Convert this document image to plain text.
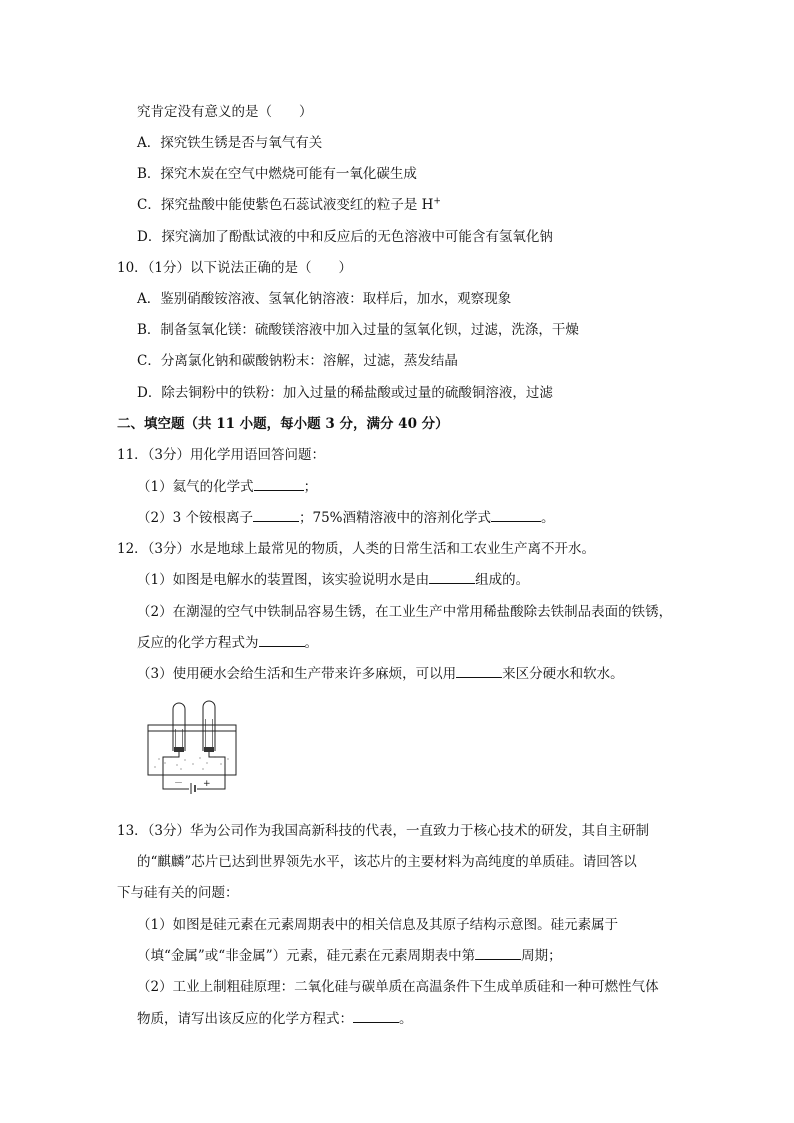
究肯定没有意义的是（　　）
A．探究铁生锈是否与氧气有关
B．探究木炭在空气中燃烧可能有一氧化碳生成
C．探究盐酸中能使紫色石蕊试液变红的粒子是 H+
D．探究滴加了酚酞试液的中和反应后的无色溶液中可能含有氢氧化钠
10．（1分）以下说法正确的是（　　）
A．鉴别硝酸铵溶液、氢氧化钠溶液：取样后，加水，观察现象
B．制备氢氧化镁：硫酸镁溶液中加入过量的氢氧化钡，过滤，洗涤，干燥
C．分离氯化钠和碳酸钠粉末：溶解，过滤，蒸发结晶
D．除去铜粉中的铁粉：加入过量的稀盐酸或过量的硫酸铜溶液，过滤
二、填空题（共 11 小题，每小题 3 分，满分 40 分）
11．（3分）用化学用语回答问题：
（1）氦气的化学式	；
（2）3 个铵根离子	；75%酒精溶液中的溶剂化学式	。
12．（3分）水是地球上最常见的物质，人类的日常生活和工农业生产离不开水。
（1）如图是电解水的装置图，该实验说明水是由	组成的。
（2）在潮湿的空气中铁制品容易生锈，在工业生产中常用稀盐酸除去铁制品表面的铁锈，
反应的化学方程式为	。
（3）使用硬水会给生活和生产带来许多麻烦，可以用	来区分硬水和软水。
－ +
13．（3分）华为公司作为我国高新科技的代表，一直致力于核心技术的研发，其自主研制
的“麒麟”芯片已达到世界领先水平，该芯片的主要材料为高纯度的单质硅。请回答以
下与硅有关的问题：
（1）如图是硅元素在元素周期表中的相关信息及其原子结构示意图。硅元素属于
（填“金属”或“非金属”）元素，硅元素在元素周期表中第	周期；
（2）工业上制粗硅原理：二氧化硅与碳单质在高温条件下生成单质硅和一种可燃性气体
物质，请写出该反应的化学方程式：	。
